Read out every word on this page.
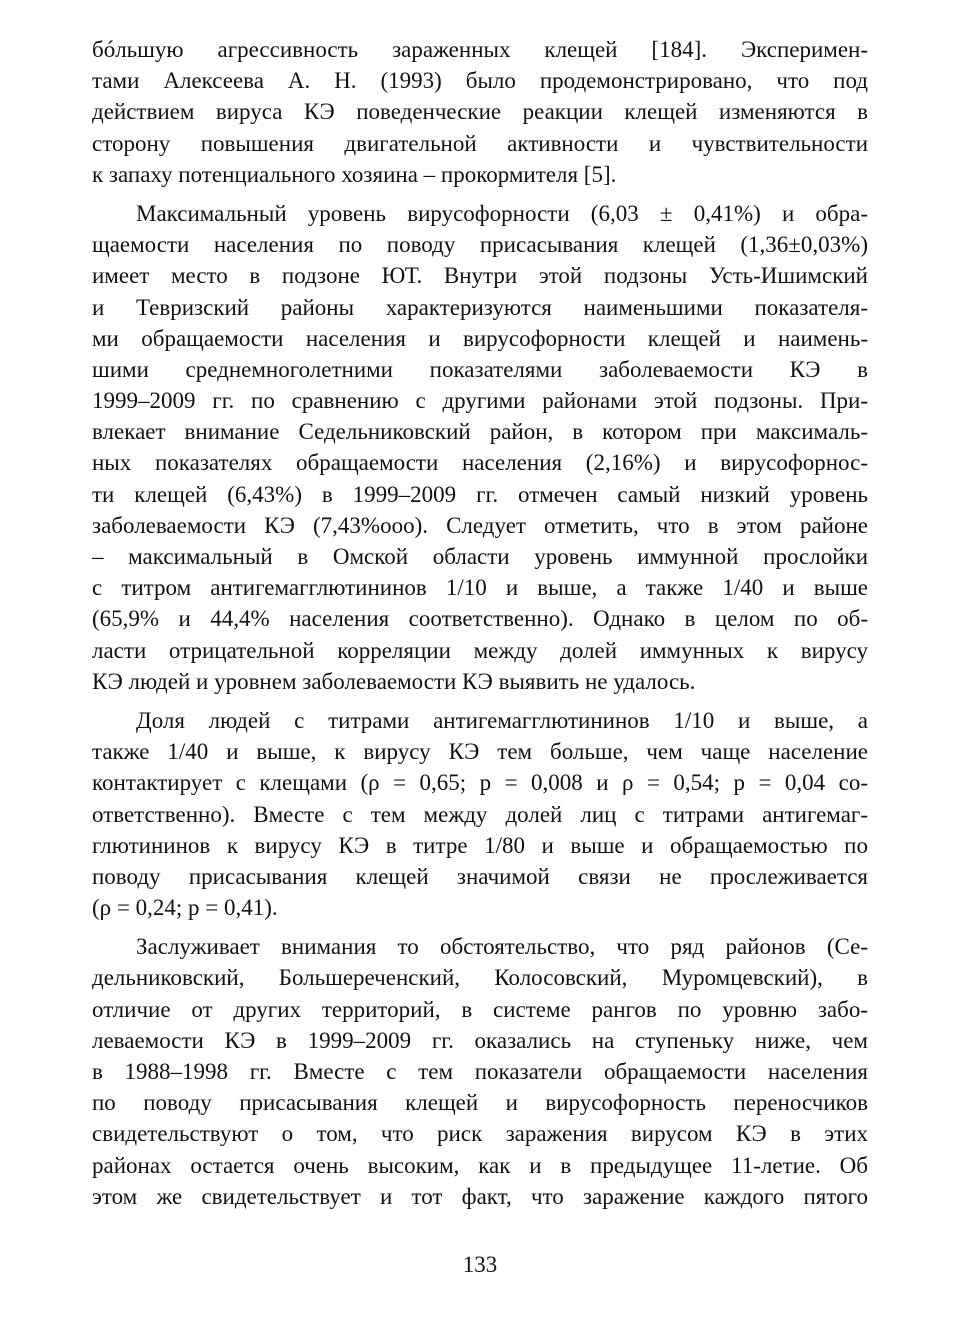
бóльшую агрессивность зараженных клещей [184]. Эксперимен-
тами Алексеева А. Н. (1993) было продемонстрировано, что под
действием вируса КЭ поведенческие реакции клещей изменяются в
сторону повышения двигательной активности и чувствительности
к запаху потенциального хозяина – прокормителя [5].
Максимальный уровень вирусофорности (6,03 ± 0,41%) и обра-
щаемости населения по поводу присасывания клещей (1,36±0,03%)
имеет место в подзоне ЮТ. Внутри этой подзоны Усть-Ишимский
и Тевризский районы характеризуются наименьшими показателя-
ми обращаемости населения и вирусофорности клещей и наимень-
шими среднемноголетними показателями заболеваемости КЭ в
1999–2009 гг. по сравнению с другими районами этой подзоны. При-
влекает внимание Седельниковский район, в котором при максималь-
ных показателях обращаемости населения (2,16%) и вирусофорнос-
ти клещей (6,43%) в 1999–2009 гг. отмечен самый низкий уровень
заболеваемости КЭ (7,43%ооо). Следует отметить, что в этом районе
– максимальный в Омской области уровень иммунной прослойки
с титром антигемагглютининов 1/10 и выше, а также 1/40 и выше
(65,9% и 44,4% населения соответственно). Однако в целом по об-
ласти отрицательной корреляции между долей иммунных к вирусу
КЭ людей и уровнем заболеваемости КЭ выявить не удалось.
Доля людей с титрами антигемагглютининов 1/10 и выше, а
также 1/40 и выше, к вирусу КЭ тем больше, чем чаще население
контактирует с клещами (ρ = 0,65; p = 0,008 и ρ = 0,54; p = 0,04 со-
ответственно). Вместе с тем между долей лиц с титрами антигемаг-
глютининов к вирусу КЭ в титре 1/80 и выше и обращаемостью по
поводу присасывания клещей значимой связи не прослеживается
(ρ = 0,24; p = 0,41).
Заслуживает внимания то обстоятельство, что ряд районов (Се-
дельниковский, Большереченский, Колосовский, Муромцевский), в
отличие от других территорий, в системе рангов по уровню забо-
леваемости КЭ в 1999–2009 гг. оказались на ступеньку ниже, чем
в 1988–1998 гг. Вместе с тем показатели обращаемости населения
по поводу присасывания клещей и вирусофорность переносчиков
свидетельствуют о том, что риск заражения вирусом КЭ в этих
районах остается очень высоким, как и в предыдущее 11-летие. Об
этом же свидетельствует и тот факт, что заражение каждого пятого
133
